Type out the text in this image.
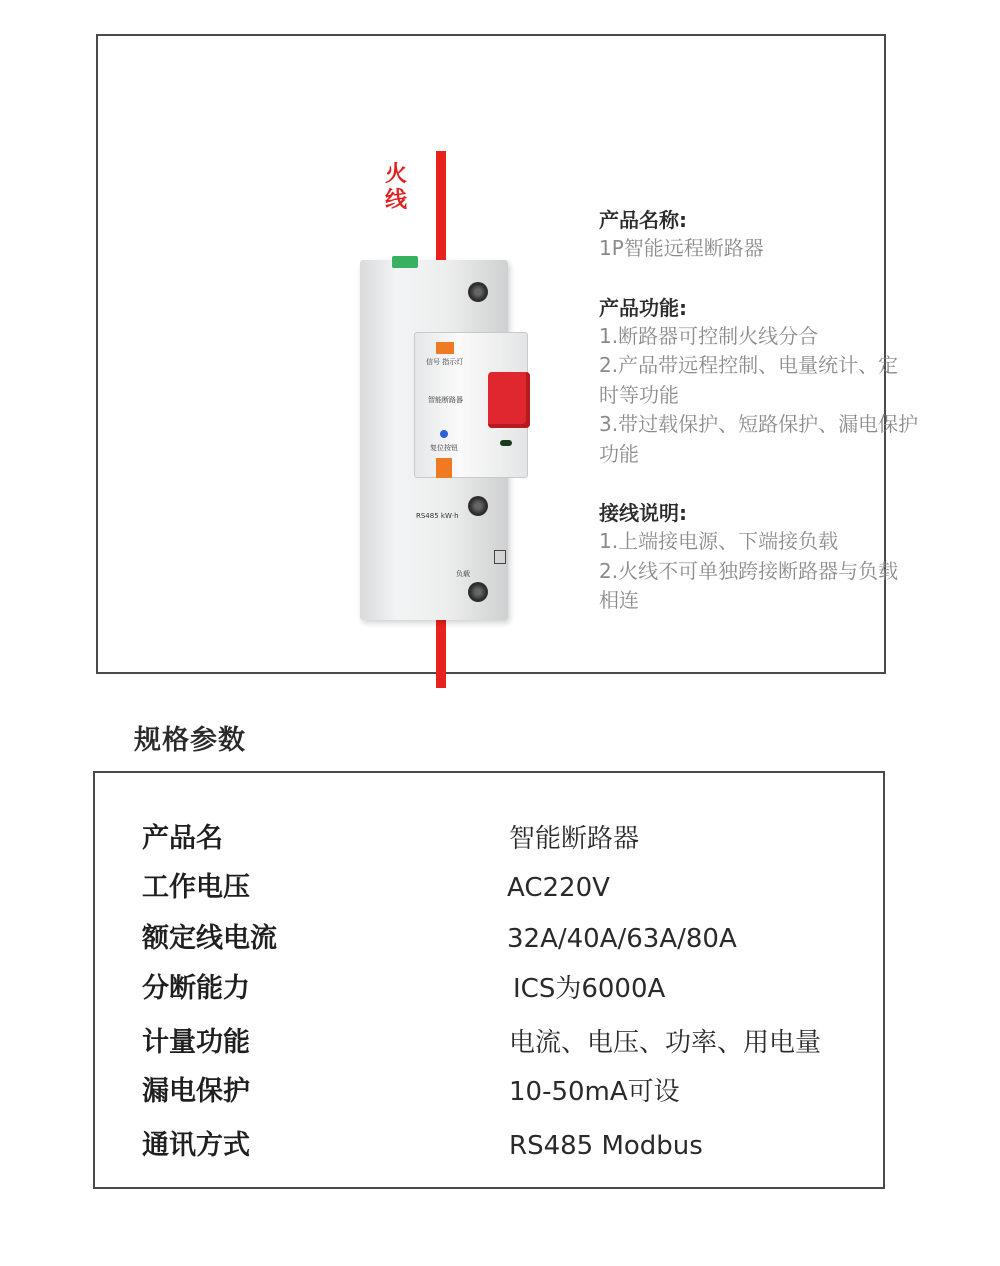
火线
信号 指示灯
智能断路器
复位按钮
RS485 kW·h
负载
产品名称:
1P智能远程断路器
产品功能:
1.断路器可控制火线分合
2.产品带远程控制、电量统计、定
时等功能
3.带过载保护、短路保护、漏电保护
功能
接线说明:
1.上端接电源、下端接负载
2.火线不可单独跨接断路器与负载
相连
规格参数
产品名	智能断路器
工作电压	AC220V
额定线电流	32A/40A/63A/80A
分断能力	ICS为6000A
计量功能	电流、电压、功率、用电量
漏电保护	10-50mA可设
通讯方式	RS485 Modbus
